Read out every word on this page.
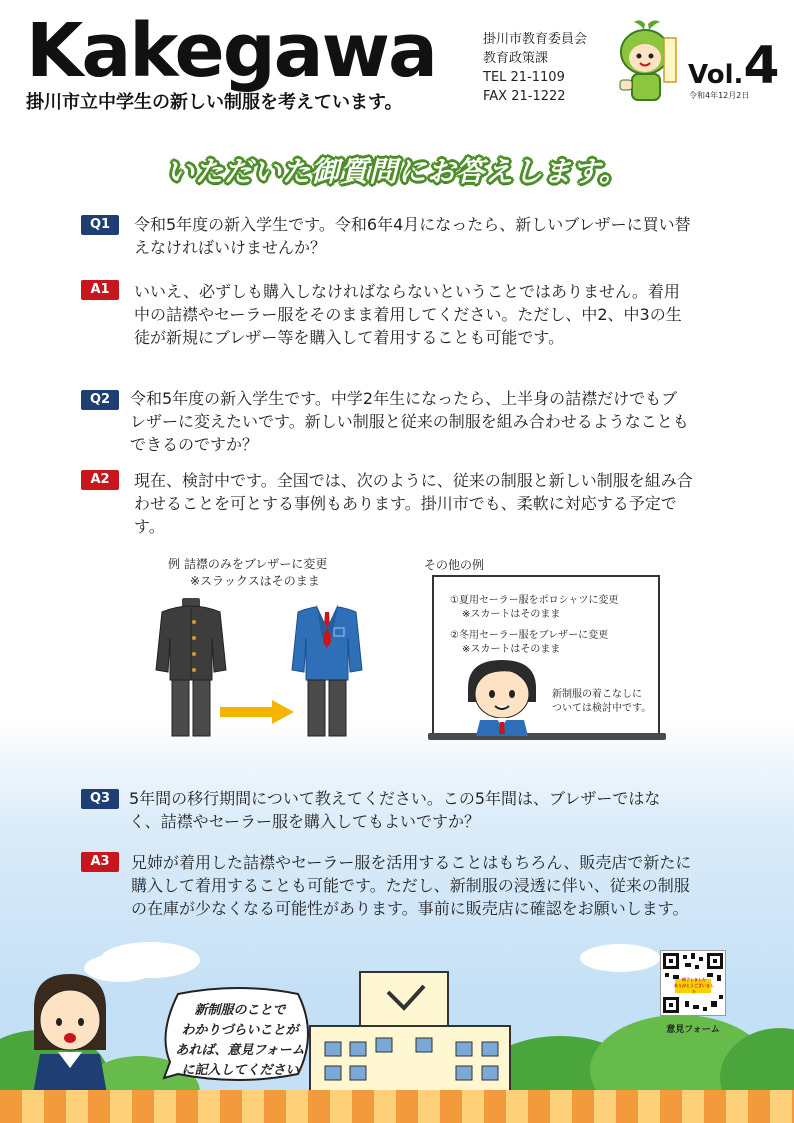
Kakegawa
掛川市立中学生の新しい制服を考えています。
掛川市教育委員会
教育政策課
TEL 21-1109
FAX 21-1222
Vol.4
令和4年12月2日
いただいた御質問にお答えします。
Q1	令和5年度の新入学生です。令和6年4月になったら、新しいブレザーに買い替えなければいけませんか？
A1	いいえ、必ずしも購入しなければならないということではありません。着用中の詰襟やセーラー服をそのまま着用してください。ただし、中2、中3の生徒が新規にブレザー等を購入して着用することも可能です。
Q2	令和5年度の新入学生です。中学2年生になったら、上半身の詰襟だけでもブレザーに変えたいです。新しい制服と従来の制服を組み合わせるようなこともできるのですか？
A2	現在、検討中です。全国では、次のように、従来の制服と新しい制服を組み合わせることを可とする事例もあります。掛川市でも、柔軟に対応する予定です。
例 詰襟のみをブレザーに変更
※スラックスはそのまま
その他の例
①夏用セーラー服をポロシャツに変更
※スカートはそのまま
②冬用セーラー服をブレザーに変更
※スカートはそのまま
新制服の着こなしに
ついては検討中です。
Q3	5年間の移行期間について教えてください。この5年間は、ブレザーではなく、詰襟やセーラー服を購入してもよいですか？
A3	兄姉が着用した詰襟やセーラー服を活用することはもちろん、販売店で新たに購入して着用することも可能です。ただし、新制服の浸透に伴い、従来の制服の在庫が少なくなる可能性があります。事前に販売店に確認をお願いします。
新制服のことで
わかりづらいことが
あれば、意見フォーム
に記入してください
終了しました
ありがとうございました
意見フォーム
